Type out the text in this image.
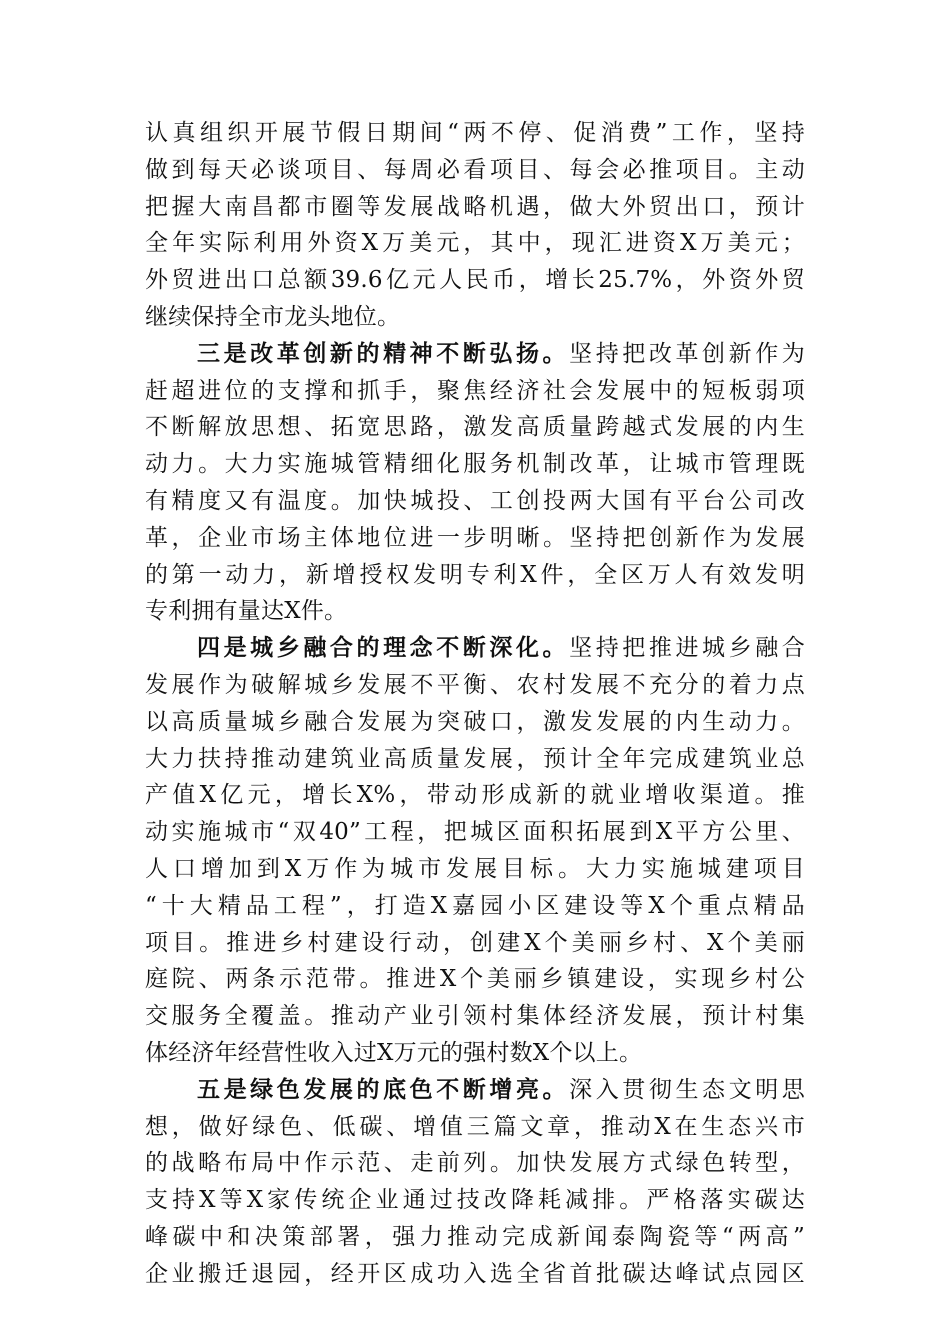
认真组织开展节假日期间“两不停、促消费”工作，坚持
做到每天必谈项目、每周必看项目、每会必推项目。主动
把握大南昌都市圈等发展战略机遇，做大外贸出口，预计
全年实际利用外资X万美元，其中，现汇进资X万美元；
外贸进出口总额39.6亿元人民币，增长25.7%，外资外贸
继续保持全市龙头地位。
三是改革创新的精神不断弘扬。坚持把改革创新作为
赶超进位的支撑和抓手，聚焦经济社会发展中的短板弱项
不断解放思想、拓宽思路，激发高质量跨越式发展的内生
动力。大力实施城管精细化服务机制改革，让城市管理既
有精度又有温度。加快城投、工创投两大国有平台公司改
革，企业市场主体地位进一步明晰。坚持把创新作为发展
的第一动力，新增授权发明专利X件，全区万人有效发明
专利拥有量达X件。
四是城乡融合的理念不断深化。坚持把推进城乡融合
发展作为破解城乡发展不平衡、农村发展不充分的着力点
以高质量城乡融合发展为突破口，激发发展的内生动力。
大力扶持推动建筑业高质量发展，预计全年完成建筑业总
产值X亿元，增长X%，带动形成新的就业增收渠道。推
动实施城市“双40”工程，把城区面积拓展到X平方公里、
人口增加到X万作为城市发展目标。大力实施城建项目
“十大精品工程”，打造X嘉园小区建设等X个重点精品
项目。推进乡村建设行动，创建X个美丽乡村、X个美丽
庭院、两条示范带。推进X个美丽乡镇建设，实现乡村公
交服务全覆盖。推动产业引领村集体经济发展，预计村集
体经济年经营性收入过X万元的强村数X个以上。
五是绿色发展的底色不断增亮。深入贯彻生态文明思
想，做好绿色、低碳、增值三篇文章，推动X在生态兴市
的战略布局中作示范、走前列。加快发展方式绿色转型，
支持X等X家传统企业通过技改降耗减排。严格落实碳达
峰碳中和决策部署，强力推动完成新闻泰陶瓷等“两高”
企业搬迁退园，经开区成功入选全省首批碳达峰试点园区
